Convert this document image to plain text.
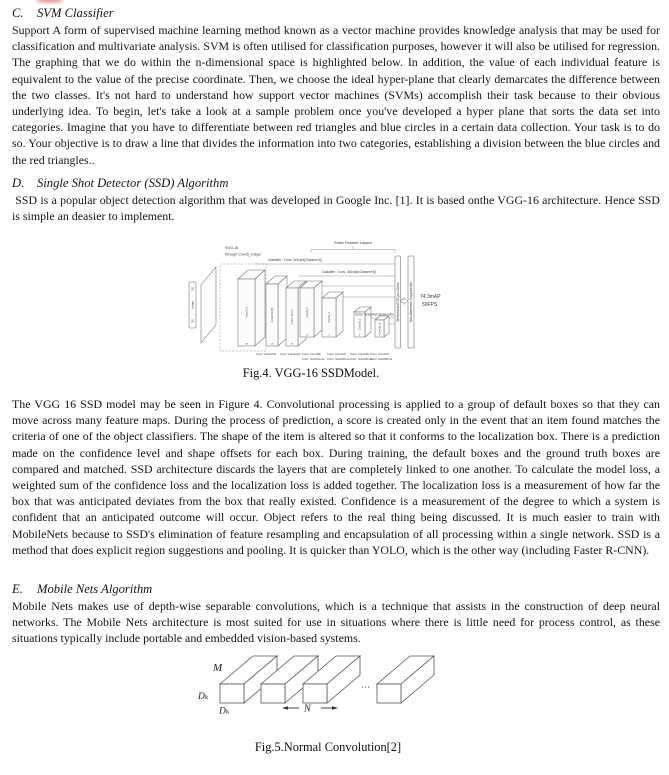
C. SVM Classifier
Support A form of supervised machine learning method known as a vector machine provides knowledge analysis that may be used for classification and multivariate analysis. SVM is often utilised for classification purposes, however it will also be utilised for regression. The graphing that we do within the n-dimensional space is highlighted below. In addition, the value of each individual feature is equivalent to the value of the precise coordinate. Then, we choose the ideal hyper-plane that clearly demarcates the difference between the two classes. It's not hard to understand how support vector machines (SVMs) accomplish their task because to their obvious underlying idea. To begin, let's take a look at a sample problem once you've developed a hyper plane that sorts the data set into categories. Imagine that you have to differentiate between red triangles and blue circles in a certain data collection. Your task is to do so. Your objective is to draw a line that divides the information into two categories, establishing a division between the blue circles and the red triangles..
D. Single Shot Detector (SSD) Algorithm
SSD is a popular object detection algorithm that was developed in Google Inc. [1]. It is based onthe VGG-16 architecture. Hence SSD is simple an deasier to implement.
300
Image
300
VGG-16
through Conv5_3 layer
Extra Feature Layers
Conv4_3
38
Conv6 (FC6)
19
Conv7 (FC7)
19
Conv8_2
10
Conv9_2
5
Conv10_2
3
Conv11_2
1
Classifier : Conv: 3x3x(4x(Classes+4))
Classifier : Conv: 3x3x(6x(Classes+4))
Conv: 3x3x(4x(Classes+4)) Detections:8732 per Class	Non-Maximum Suppression 74.3mAP
59FPS
Conv: 3x3x1024 Conv: 1x1x1024 Conv: 1x1x256
Conv: 3x3x512-s2
Conv: 1x1x128
Conv: 3x3x256-s2
Conv: 1x1x128
Conv: 3x3x256-s1
Conv: 1x1x128
Conv: 3x3x256-s1
Fig.4. VGG-16 SSDModel.
The VGG 16 SSD model may be seen in Figure 4. Convolutional processing is applied to a group of default boxes so that they can move across many feature maps. During the process of prediction, a score is created only in the event that an item found matches the criteria of one of the object classifiers. The shape of the item is altered so that it conforms to the localization box. There is a prediction made on the confidence level and shape offsets for each box. During training, the default boxes and the ground truth boxes are compared and matched. SSD architecture discards the layers that are completely linked to one another. To calculate the model loss, a weighted sum of the confidence loss and the localization loss is added together. The localization loss is a measurement of how far the box that was anticipated deviates from the box that really existed. Confidence is a measurement of the degree to which a system is confident that an anticipated outcome will occur. Object refers to the real thing being discussed. It is much easier to train with MobileNets because to SSD's elimination of feature resampling and encapsulation of all processing within a single network. SSD is a method that does explicit region suggestions and pooling. It is quicker than YOLO, which is the other way (including Faster R-CNN).
E. Mobile Nets Algorithm
Mobile Nets makes use of depth-wise separable convolutions, which is a technique that assists in the construction of deep neural networks. The Mobile Nets architecture is most suited for use in situations where there is little need for process control, as these situations typically include portable and embedded vision-based systems.
⋯
M
Dₖ
Dₖ	N
Fig.5.Normal Convolution[2]
